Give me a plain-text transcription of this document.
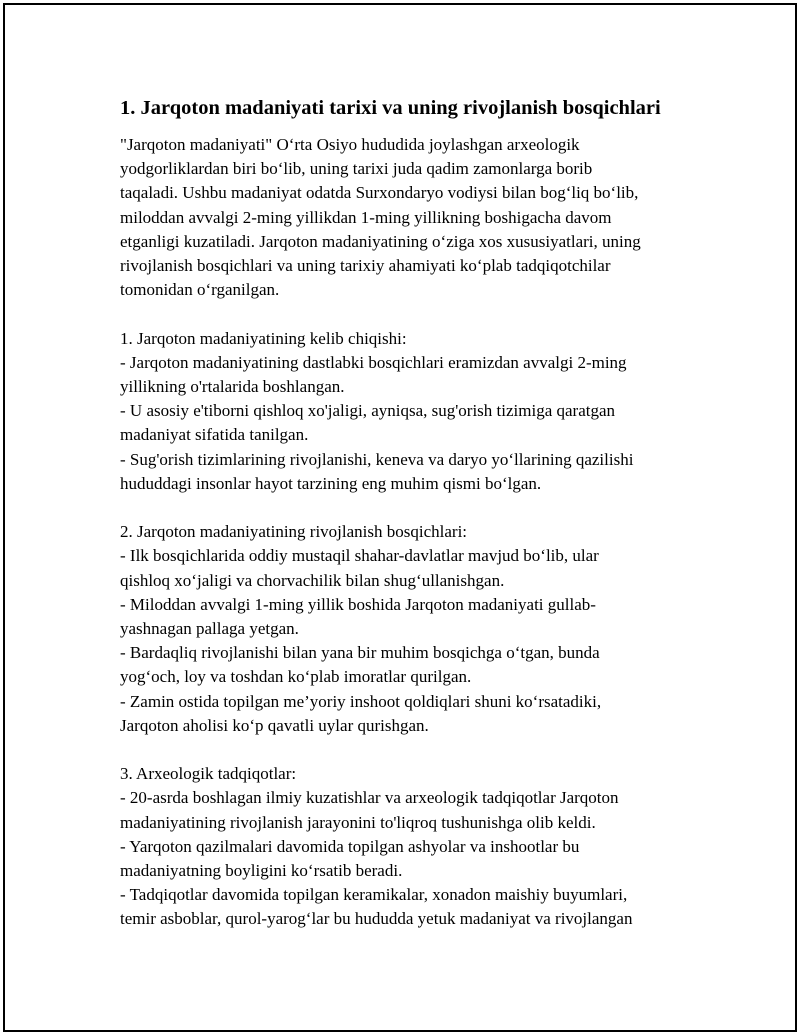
1. Jarqoton madaniyati tarixi va uning rivojlanish bosqichlari

"Jarqoton madaniyati" O‘rta Osiyo hududida joylashgan arxeologik
yodgorliklardan biri bo‘lib, uning tarixi juda qadim zamonlarga borib
taqaladi. Ushbu madaniyat odatda Surxondaryo vodiysi bilan bog‘liq bo‘lib,
miloddan avvalgi 2-ming yillikdan 1-ming yillikning boshigacha davom
etganligi kuzatiladi. Jarqoton madaniyatining o‘ziga xos xususiyatlari, uning
rivojlanish bosqichlari va uning tarixiy ahamiyati ko‘plab tadqiqotchilar
tomonidan o‘rganilgan.

1. Jarqoton madaniyatining kelib chiqishi:
- Jarqoton madaniyatining dastlabki bosqichlari eramizdan avvalgi 2-ming
yillikning o'rtalarida boshlangan.
- U asosiy e'tiborni qishloq xo'jaligi, ayniqsa, sug'orish tizimiga qaratgan
madaniyat sifatida tanilgan.
- Sug'orish tizimlarining rivojlanishi, keneva va daryo yo‘llarining qazilishi
hududdagi insonlar hayot tarzining eng muhim qismi bo‘lgan.

2. Jarqoton madaniyatining rivojlanish bosqichlari:
- Ilk bosqichlarida oddiy mustaqil shahar-davlatlar mavjud bo‘lib, ular
qishloq xo‘jaligi va chorvachilik bilan shug‘ullanishgan.
- Miloddan avvalgi 1-ming yillik boshida Jarqoton madaniyati gullab-
yashnagan pallaga yetgan.
- Bardaqliq rivojlanishi bilan yana bir muhim bosqichga o‘tgan, bunda
yog‘och, loy va toshdan ko‘plab imoratlar qurilgan.
- Zamin ostida topilgan me’yoriy inshoot qoldiqlari shuni ko‘rsatadiki,
Jarqoton aholisi ko‘p qavatli uylar qurishgan.

3. Arxeologik tadqiqotlar:
- 20-asrda boshlagan ilmiy kuzatishlar va arxeologik tadqiqotlar Jarqoton
madaniyatining rivojlanish jarayonini to'liqroq tushunishga olib keldi.
- Yarqoton qazilmalari davomida topilgan ashyolar va inshootlar bu
madaniyatning boyligini ko‘rsatib beradi.
- Tadqiqotlar davomida topilgan keramikalar, xonadon maishiy buyumlari,
temir asboblar, qurol-yarog‘lar bu hududda yetuk madaniyat va rivojlangan
